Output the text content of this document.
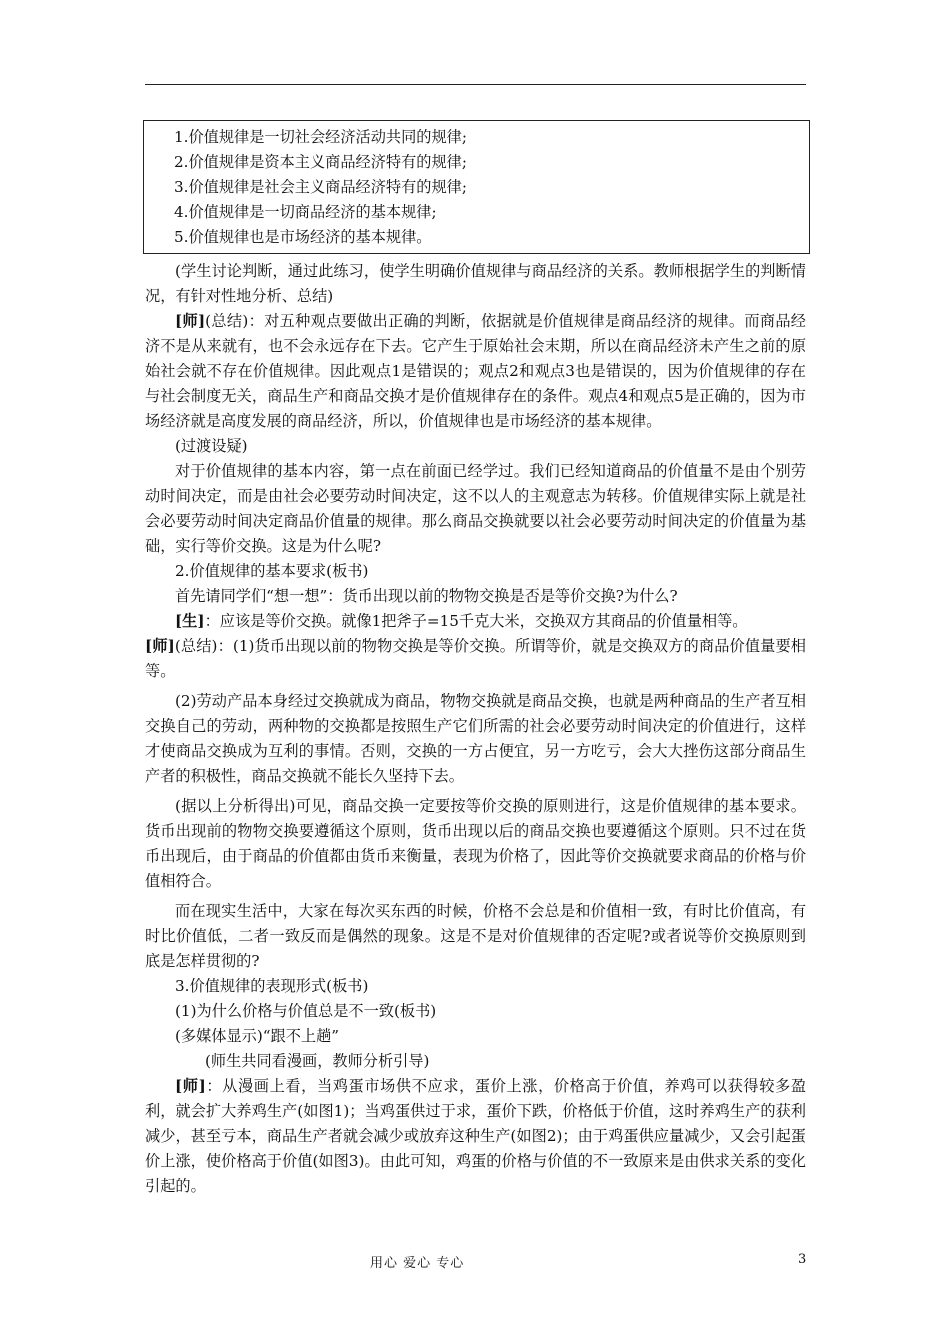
1.价值规律是一切社会经济活动共同的规律;
2.价值规律是资本主义商品经济特有的规律;
3.价值规律是社会主义商品经济特有的规律;
4.价值规律是一切商品经济的基本规律;
5.价值规律也是市场经济的基本规律。

(学生讨论判断，通过此练习，使学生明确价值规律与商品经济的关系。教师根据学生的判断情况，有针对性地分析、总结)

[师](总结)：对五种观点要做出正确的判断，依据就是价值规律是商品经济的规律。而商品经济不是从来就有，也不会永远存在下去。它产生于原始社会末期，所以在商品经济未产生之前的原始社会就不存在价值规律。因此观点1是错误的；观点2和观点3也是错误的，因为价值规律的存在与社会制度无关，商品生产和商品交换才是价值规律存在的条件。观点4和观点5是正确的，因为市场经济就是高度发展的商品经济，所以，价值规律也是市场经济的基本规律。

(过渡设疑)

对于价值规律的基本内容，第一点在前面已经学过。我们已经知道商品的价值量不是由个别劳动时间决定，而是由社会必要劳动时间决定，这不以人的主观意志为转移。价值规律实际上就是社会必要劳动时间决定商品价值量的规律。那么商品交换就要以社会必要劳动时间决定的价值量为基础，实行等价交换。这是为什么呢?

2.价值规律的基本要求(板书)

首先请同学们“想一想”：货币出现以前的物物交换是否是等价交换?为什么?

[生]：应该是等价交换。就像1把斧子=15千克大米，交换双方其商品的价值量相等。

[师](总结)：(1)货币出现以前的物物交换是等价交换。所谓等价，就是交换双方的商品价值量要相等。

(2)劳动产品本身经过交换就成为商品，物物交换就是商品交换，也就是两种商品的生产者互相交换自己的劳动，两种物的交换都是按照生产它们所需的社会必要劳动时间决定的价值进行，这样才使商品交换成为互利的事情。否则，交换的一方占便宜，另一方吃亏，会大大挫伤这部分商品生产者的积极性，商品交换就不能长久坚持下去。

(据以上分析得出)可见，商品交换一定要按等价交换的原则进行，这是价值规律的基本要求。货币出现前的物物交换要遵循这个原则，货币出现以后的商品交换也要遵循这个原则。只不过在货币出现后，由于商品的价值都由货币来衡量，表现为价格了，因此等价交换就要求商品的价格与价值相符合。

而在现实生活中，大家在每次买东西的时候，价格不会总是和价值相一致，有时比价值高，有时比价值低，二者一致反而是偶然的现象。这是不是对价值规律的否定呢?或者说等价交换原则到底是怎样贯彻的?

3.价值规律的表现形式(板书)

(1)为什么价格与价值总是不一致(板书)

(多媒体显示)“跟不上趟”

(师生共同看漫画，教师分析引导)

[师]：从漫画上看，当鸡蛋市场供不应求，蛋价上涨，价格高于价值，养鸡可以获得较多盈利，就会扩大养鸡生产(如图1)；当鸡蛋供过于求，蛋价下跌，价格低于价值，这时养鸡生产的获利减少，甚至亏本，商品生产者就会减少或放弃这种生产(如图2)；由于鸡蛋供应量减少，又会引起蛋价上涨，使价格高于价值(如图3)。由此可知，鸡蛋的价格与价值的不一致原来是由供求关系的变化引起的。

用心 爱心 专心	3
